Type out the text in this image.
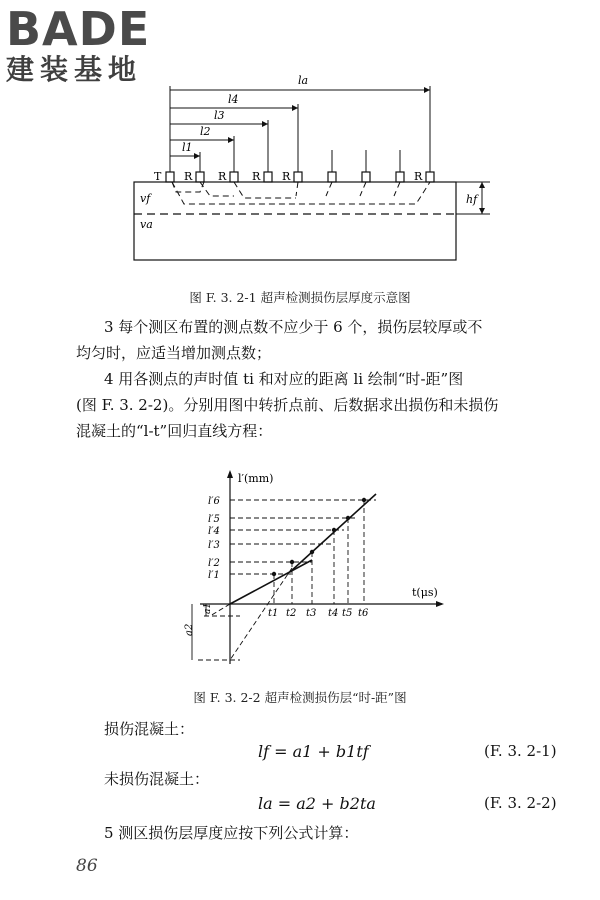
BADE
建装基地	la
l4
l3
l2
l1
T R R R R	R
vf
va
hf
图 F. 3. 2-1 超声检测损伤层厚度示意图
3 每个测区布置的测点数不应少于 6 个，损伤层较厚或不
均匀时，应适当增加测点数；
4 用各测点的声时值 ti 和对应的距离 li 绘制“时-距”图
(图 F. 3. 2-2)。分别用图中转折点前、后数据求出损伤和未损伤
混凝土的“l-t”回归直线方程：
l′(mm)
t(μs)
l′6
l′5
l′4
l′3
l′2
l′1
t1 t2 t3 t4 t5 t6
a1
a2
图 F. 3. 2-2 超声检测损伤层“时-距”图
损伤混凝土：
lf = a1 + b1tf	(F. 3. 2-1)
未损伤混凝土：
la = a2 + b2ta	(F. 3. 2-2)
5 测区损伤层厚度应按下列公式计算：
86
